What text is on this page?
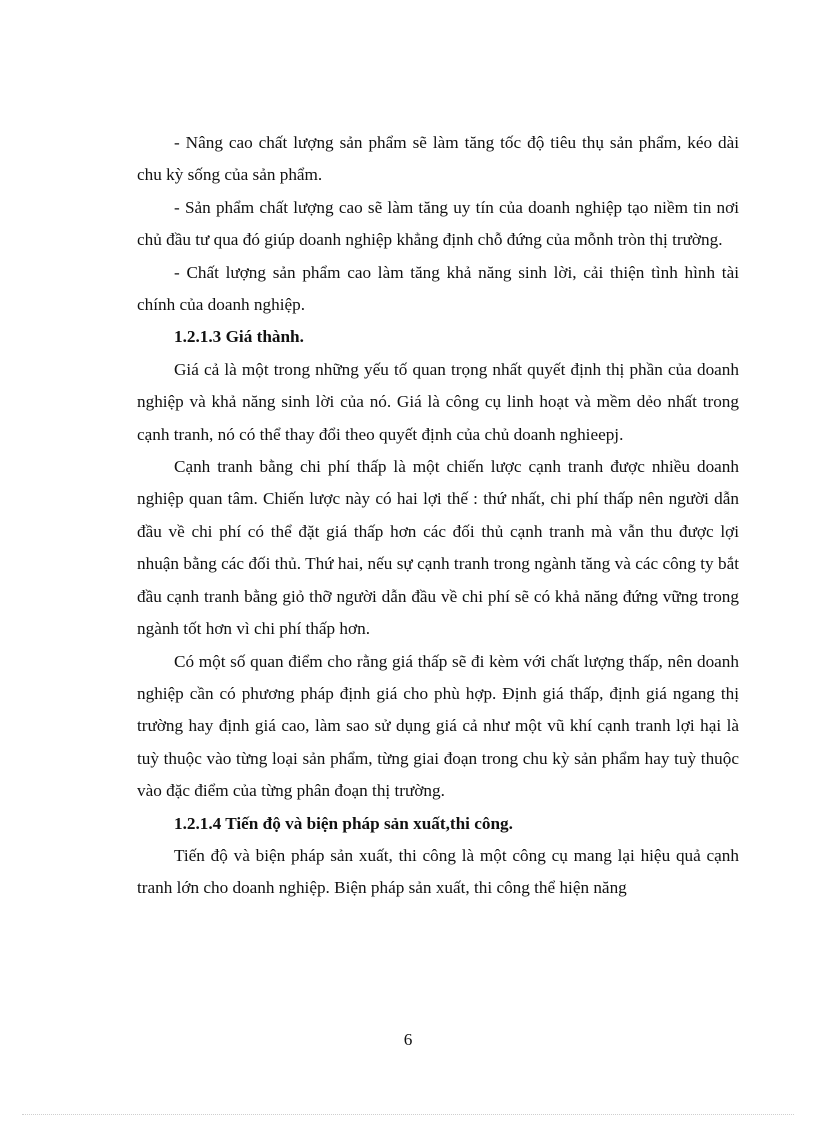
- Nâng cao chất lượng sản phẩm sẽ làm tăng tốc độ tiêu thụ sản phẩm, kéo dài chu kỳ sống của sản phẩm.

- Sản phẩm chất lượng cao sẽ làm tăng uy tín của doanh nghiệp tạo niềm tin nơi chủ đầu tư qua đó giúp doanh nghiệp khẳng định chỗ đứng của mỗnh tròn thị trường.

- Chất lượng sản phẩm cao làm tăng khả năng sinh lời, cải thiện tình hình tài chính của doanh nghiệp.

1.2.1.3 Giá thành.

Giá cả là một trong những yếu tố quan trọng nhất quyết định thị phần của doanh nghiệp và khả năng sinh lời của nó. Giá là công cụ linh hoạt và mềm dẻo nhất trong cạnh tranh, nó có thể thay đổi theo quyết định của chủ doanh nghieepj.

Cạnh tranh bằng chi phí thấp là một chiến lược cạnh tranh được nhiều doanh nghiệp quan tâm. Chiến lược này có hai lợi thế : thứ nhất, chi phí thấp nên người dẫn đầu về chi phí có thể đặt giá thấp hơn các đối thủ cạnh tranh mà vẫn thu được lợi nhuận bằng các đối thủ. Thứ hai, nếu sự cạnh tranh trong ngành tăng và các công ty bắt đầu cạnh tranh bằng giỏ thỡ người dẫn đầu về chi phí sẽ có khả năng đứng vững trong ngành tốt hơn vì chi phí thấp hơn.

Có một số quan điểm cho rằng giá thấp sẽ đi kèm với chất lượng thấp, nên doanh nghiệp cần có phương pháp định giá cho phù hợp. Định giá thấp, định giá ngang thị trường hay định giá cao, làm sao sử dụng giá cả như một vũ khí cạnh tranh lợi hại là tuỳ thuộc vào từng loại sản phẩm, từng giai đoạn trong chu kỳ sản phẩm hay tuỳ thuộc vào đặc điểm của từng phân đoạn thị trường.

1.2.1.4 Tiến độ và biện pháp sản xuất,thi công.

Tiến độ và biện pháp sản xuất, thi công là một công cụ mang lại hiệu quả cạnh tranh lớn cho doanh nghiệp. Biện pháp sản xuất, thi công thể hiện năng

6
